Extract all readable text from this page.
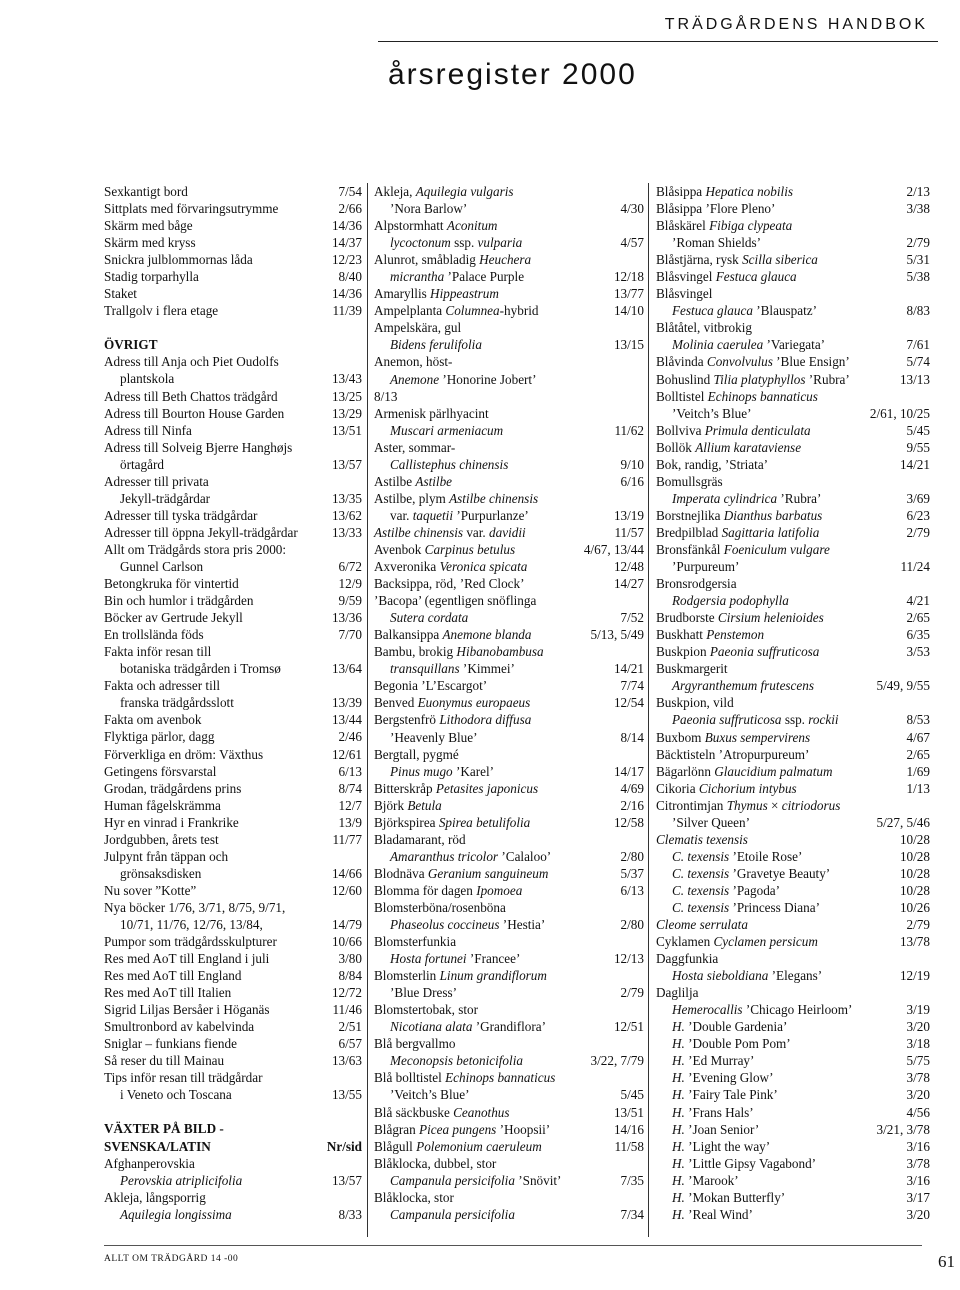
TRÄDGÅRDENS HANDBOK
årsregister 2000
Sexkantigt bord	7/54
Sittplats med förvaringsutrymme	2/66
Skärm med båge	14/36
Skärm med kryss	14/37
Snickra julblommornas låda	12/23
Stadig torparhylla	8/40
Staket	14/36
Trallgolv i flera etage	11/39
ÖVRIGT
Adress till Anja och Piet Oudolfs
plantskola	13/43
Adress till Beth Chattos trädgård	13/25
Adress till Bourton House Garden	13/29
Adress till Ninfa	13/51
Adress till Solveig Bjerre Hanghøjs
örtagård	13/57
Adresser till privata
Jekyll-trädgårdar	13/35
Adresser till tyska trädgårdar	13/62
Adresser till öppna Jekyll-trädgårdar	13/33
Allt om Trädgårds stora pris 2000:
Gunnel Carlson	6/72
Betongkruka för vintertid	12/9
Bin och humlor i trädgården	9/59
Böcker av Gertrude Jekyll	13/36
En trollslända föds	7/70
Fakta inför resan till
botaniska trädgården i Tromsø	13/64
Fakta och adresser till
franska trädgårdsslott	13/39
Fakta om avenbok	13/44
Flyktiga pärlor, dagg	2/46
Förverkliga en dröm: Växthus	12/61
Getingens försvarstal	6/13
Grodan, trädgårdens prins	8/74
Human fågelskrämma	12/7
Hyr en vinrad i Frankrike	13/9
Jordgubben, årets test	11/77
Julpynt från täppan och
grönsaksdisken	14/66
Nu sover ”Kotte”	12/60
Nya böcker 1/76, 3/71, 8/75, 9/71,
10/71, 11/76, 12/76, 13/84,	14/79
Pumpor som trädgårdsskulpturer	10/66
Res med AoT till England i juli	3/80
Res med AoT till England	8/84
Res med AoT till Italien	12/72
Sigrid Liljas Bersåer i Höganäs	11/46
Smultronbord av kabelvinda	2/51
Sniglar – funkians fiende	6/57
Så reser du till Mainau	13/63
Tips inför resan till trädgårdar
i Veneto och Toscana	13/55
VÄXTER PÅ BILD -
SVENSKA/LATIN	Nr/sid
Afghanperovskia
Perovskia atriplicifolia	13/57
Akleja, långsporrig
Aquilegia longissima	8/33
Akleja, Aquilegia vulgaris
’Nora Barlow’	4/30
Alpstormhatt Aconitum
lycoctonum ssp. vulparia	4/57
Alunrot, småbladig Heuchera
micrantha ’Palace Purple	12/18
Amaryllis Hippeastrum	13/77
Ampelplanta Columnea-hybrid	14/10
Ampelskära, gul
Bidens ferulifolia	13/15
Anemon, höst-
Anemone ’Honorine Jobert’
8/13
Armenisk pärlhyacint
Muscari armeniacum	11/62
Aster, sommar-
Callistephus chinensis	9/10
Astilbe Astilbe	6/16
Astilbe, plym Astilbe chinensis
var. taquetii ’Purpurlanze’	13/19
Astilbe chinensis var. davidii	11/57
Avenbok Carpinus betulus	4/67, 13/44
Axveronika Veronica spicata	12/48
Backsippa, röd, ’Red Clock’	14/27
’Bacopa’ (egentligen snöflinga
Sutera cordata	7/52
Balkansippa Anemone blanda	5/13, 5/49
Bambu, brokig Hibanobambusa
transquillans ’Kimmei’	14/21
Begonia ’L’Escargot’	7/74
Benved Euonymus europaeus	12/54
Bergstenfrö Lithodora diffusa
’Heavenly Blue’	8/14
Bergtall, pygmé
Pinus mugo ’Karel’	14/17
Bitterskråp Petasites japonicus	4/69
Björk Betula	2/16
Björkspirea Spirea betulifolia	12/58
Bladamarant, röd
Amaranthus tricolor ’Calaloo’	2/80
Blodnäva Geranium sanguineum	5/37
Blomma för dagen Ipomoea	6/13
Blomsterböna/rosenböna
Phaseolus coccineus ’Hestia’	2/80
Blomsterfunkia
Hosta fortunei ’Francee’	12/13
Blomsterlin Linum grandiflorum
’Blue Dress’	2/79
Blomstertobak, stor
Nicotiana alata ’Grandiflora’	12/51
Blå bergvallmo
Meconopsis betonicifolia	3/22, 7/79
Blå bolltistel Echinops bannaticus
’Veitch’s Blue’	5/45
Blå säckbuske Ceanothus	13/51
Blågran Picea pungens ’Hoopsii’	14/16
Blågull Polemonium caeruleum	11/58
Blåklocka, dubbel, stor
Campanula persicifolia ’Snövit’	7/35
Blåklocka, stor
Campanula persicifolia	7/34
Blåsippa Hepatica nobilis	2/13
Blåsippa ’Flore Pleno’	3/38
Blåskärel Fibiga clypeata
’Roman Shields’	2/79
Blåstjärna, rysk Scilla siberica	5/31
Blåsvingel Festuca glauca	5/38
Blåsvingel
Festuca glauca ’Blauspatz’	8/83
Blåtåtel, vitbrokig
Molinia caerulea ’Variegata’	7/61
Blåvinda Convolvulus ’Blue Ensign’	5/74
Bohuslind Tilia platyphyllos ’Rubra’	13/13
Bolltistel Echinops bannaticus
’Veitch’s Blue’	2/61, 10/25
Bollviva Primula denticulata	5/45
Bollök Allium karataviense	9/55
Bok, randig, ’Striata’	14/21
Bomullsgräs
Imperata cylindrica ’Rubra’	3/69
Borstnejlika Dianthus barbatus	6/23
Bredpilblad Sagittaria latifolia	2/79
Bronsfänkål Foeniculum vulgare
’Purpureum’	11/24
Bronsrodgersia
Rodgersia podophylla	4/21
Brudborste Cirsium helenioides	2/65
Buskhatt Penstemon	6/35
Buskpion Paeonia suffruticosa	3/53
Buskmargerit
Argyranthemum frutescens	5/49, 9/55
Buskpion, vild
Paeonia suffruticosa ssp. rockii	8/53
Buxbom Buxus sempervirens	4/67
Bäcktisteln ’Atropurpureum’	2/65
Bägarlönn Glaucidium palmatum	1/69
Cikoria Cichorium intybus	1/13
Citrontimjan Thymus × citriodorus
’Silver Queen’	5/27, 5/46
Clematis texensis	10/28
C. texensis ’Etoile Rose’	10/28
C. texensis ’Gravetye Beauty’	10/28
C. texensis ’Pagoda’	10/28
C. texensis ’Princess Diana’	10/26
Cleome serrulata	2/79
Cyklamen Cyclamen persicum	13/78
Daggfunkia
Hosta sieboldiana ’Elegans’	12/19
Daglilja
Hemerocallis ’Chicago Heirloom’	3/19
H. ’Double Gardenia’	3/20
H. ’Double Pom Pom’	3/18
H. ’Ed Murray’	5/75
H. ’Evening Glow’	3/78
H. ’Fairy Tale Pink’	3/20
H. ’Frans Hals’	4/56
H. ’Joan Senior’	3/21, 3/78
H. ’Light the way’	3/16
H. ’Little Gipsy Vagabond’	3/78
H. ’Marook’	3/16
H. ’Mokan Butterfly’	3/17
H. ’Real Wind’	3/20
ALLT OM TRÄDGÅRD 14 -00	61
